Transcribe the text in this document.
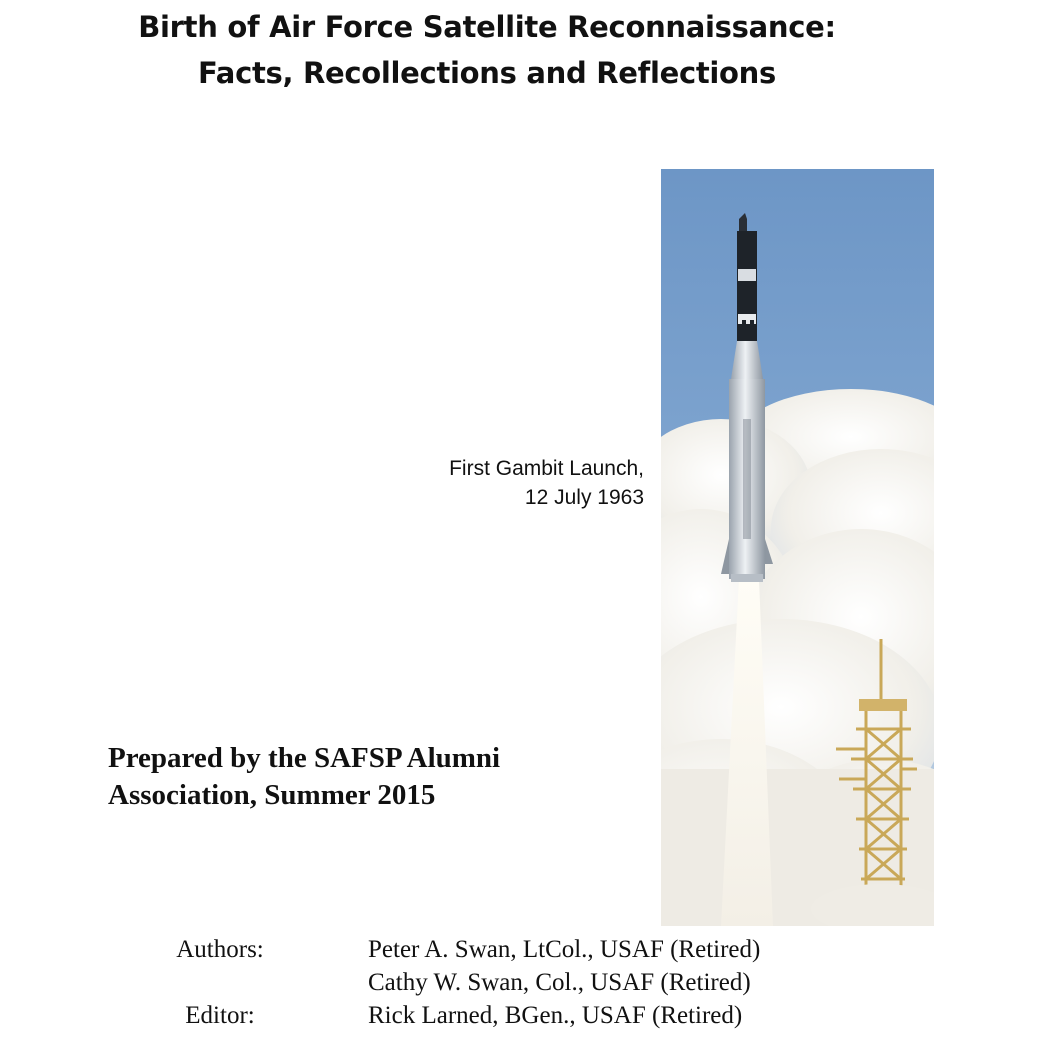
Birth of Air Force Satellite Reconnaissance:
Facts, Recollections and Reflections
First Gambit Launch,
12 July 1963
Prepared by the SAFSP Alumni
Association, Summer 2015
Authors:	Peter A. Swan, LtCol., USAF (Retired)
Cathy W. Swan, Col., USAF (Retired)
Editor:	Rick Larned, BGen., USAF (Retired)
